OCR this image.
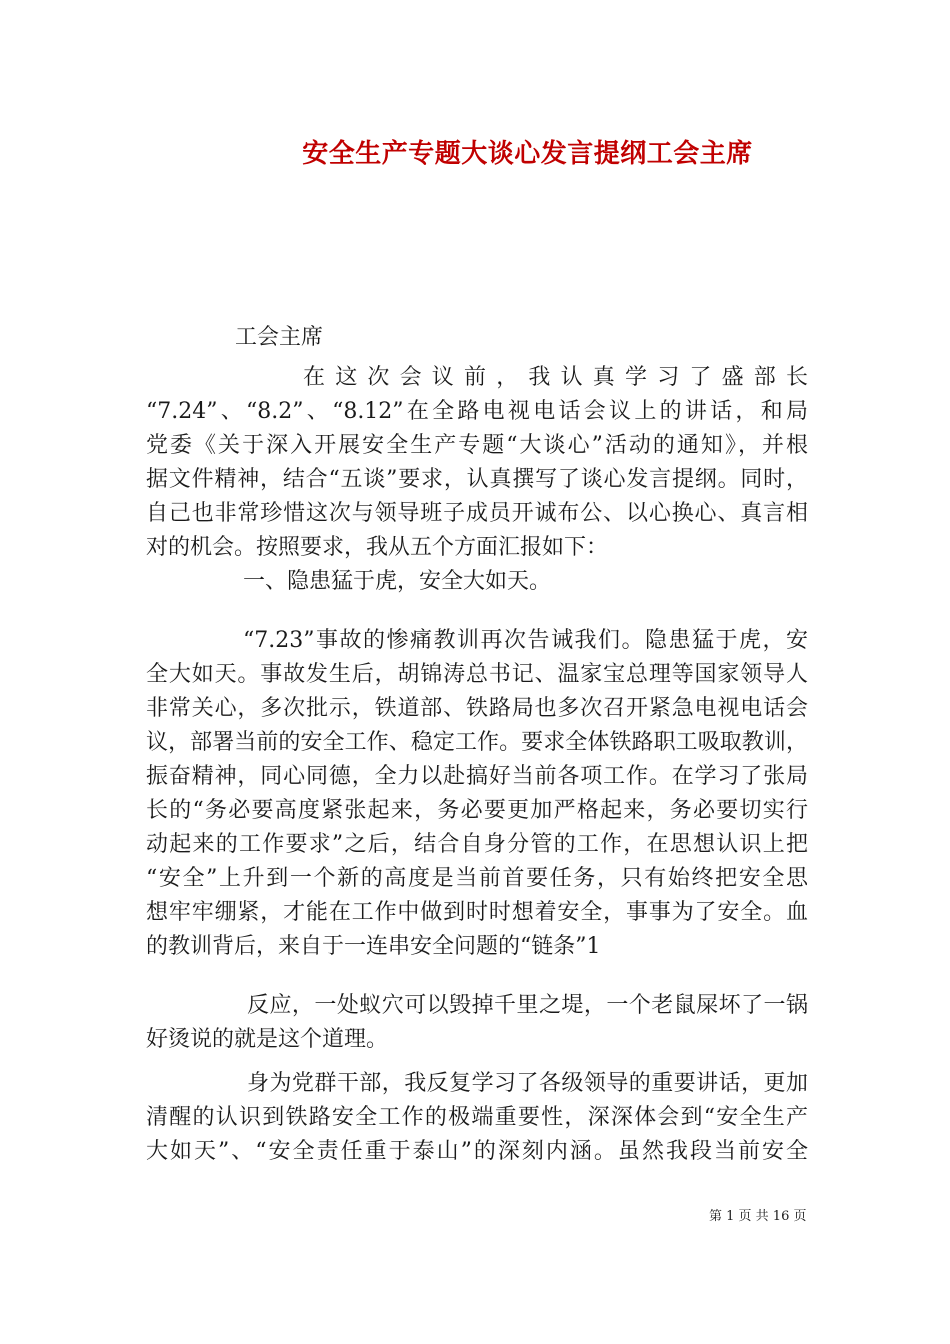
安全生产专题大谈心发言提纲工会主席
工会主席
在这次会议前，我认真学习了盛部长
“7.24”、“8.2”、“8.12”在全路电视电话会议上的讲话，和局
党委《关于深入开展安全生产专题“大谈心”活动的通知》，并根
据文件精神，结合“五谈”要求，认真撰写了谈心发言提纲。同时，
自己也非常珍惜这次与领导班子成员开诚布公、以心换心、真言相
对的机会。按照要求，我从五个方面汇报如下：
一、隐患猛于虎，安全大如天。
“7.23”事故的惨痛教训再次告诫我们。隐患猛于虎，安
全大如天。事故发生后，胡锦涛总书记、温家宝总理等国家领导人
非常关心，多次批示，铁道部、铁路局也多次召开紧急电视电话会
议，部署当前的安全工作、稳定工作。要求全体铁路职工吸取教训，
振奋精神，同心同德，全力以赴搞好当前各项工作。在学习了张局
长的“务必要高度紧张起来，务必要更加严格起来，务必要切实行
动起来的工作要求”之后，结合自身分管的工作，在思想认识上把
“安全”上升到一个新的高度是当前首要任务，只有始终把安全思
想牢牢绷紧，才能在工作中做到时时想着安全，事事为了安全。血
的教训背后，来自于一连串安全问题的“链条”1
反应，一处蚁穴可以毁掉千里之堤，一个老鼠屎坏了一锅
好烫说的就是这个道理。
身为党群干部，我反复学习了各级领导的重要讲话，更加
清醒的认识到铁路安全工作的极端重要性，深深体会到“安全生产
大如天”、“安全责任重于泰山”的深刻内涵。虽然我段当前安全
第 1 页 共 16 页
